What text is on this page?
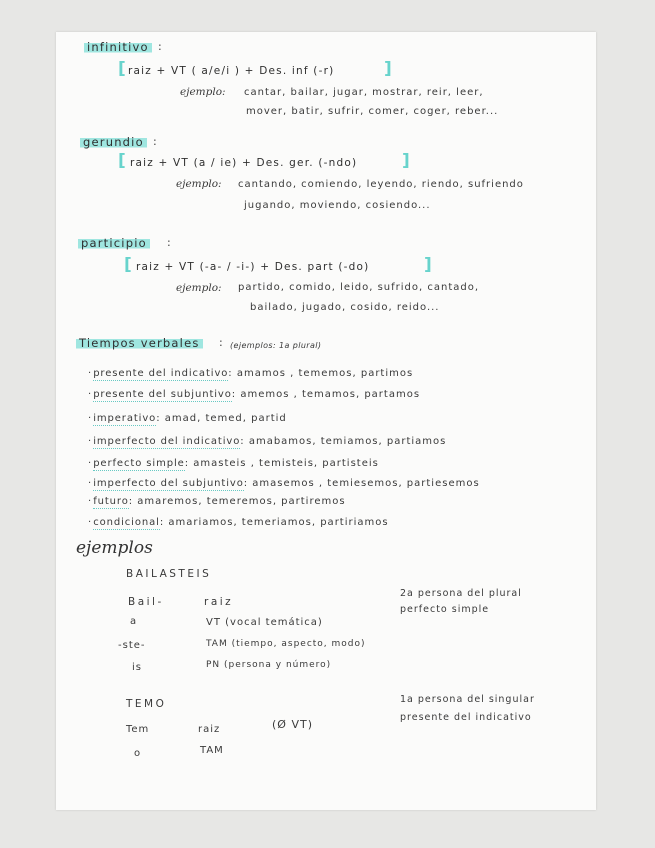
infinitivo :
[ raiz + VT ( a/e/i ) + Des. inf (-r)	]
ejemplo: cantar, bailar, jugar, mostrar, reir, leer,
mover, batir, sufrir, comer, coger, reber...
gerundio :
[ raiz + VT (a / ie) + Des. ger. (-ndo)	]
ejemplo: cantando, comiendo, leyendo, riendo, sufriendo
jugando, moviendo, cosiendo...
participio :
[ raiz + VT (-a- / -i-) + Des. part (-do)	]
ejemplo: partido, comido, leido, sufrido, cantado,
bailado, jugado, cosido, reido...
Tiempos verbales : (ejemplos: 1a plural)
· presente del indicativo: amamos , tememos, partimos
· presente del subjuntivo: amemos , temamos, partamos
· imperativo: amad, temed, partid
· imperfecto del indicativo: amabamos, temiamos, partiamos
· perfecto simple: amasteis , temisteis, partisteis
· imperfecto del subjuntivo: amasemos , temiesemos, partiesemos
· futuro: amaremos, temeremos, partiremos
· condicional: amariamos, temeriamos, partiriamos
ejemplos
BAILASTEIS
Bail-	raiz
a	VT (vocal temática)
-ste-	TAM (tiempo, aspecto, modo)
is	PN (persona y número)
2a persona del plural
perfecto simple
TEMO
Tem	raiz	(Ø VT)
o	TAM
1a persona del singular
presente del indicativo
